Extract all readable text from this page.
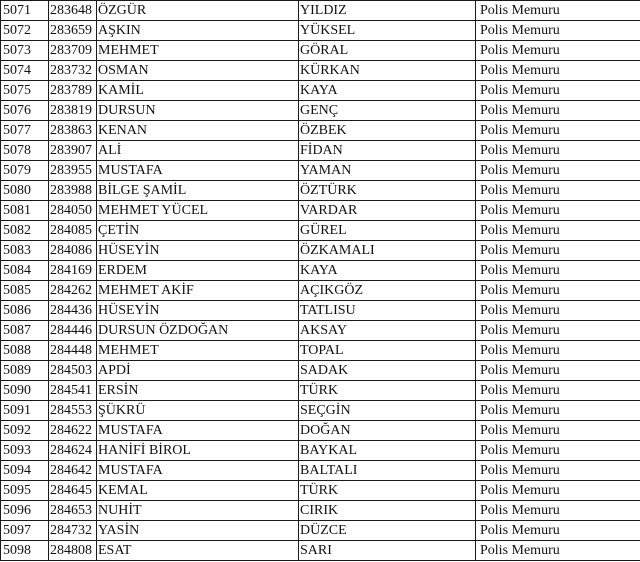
5071	283648	ÖZGÜR	YILDIZ	Polis Memuru
5072	283659	AŞKIN	YÜKSEL	Polis Memuru
5073	283709	MEHMET	GÖRAL	Polis Memuru
5074	283732	OSMAN	KÜRKAN	Polis Memuru
5075	283789	KAMİL	KAYA	Polis Memuru
5076	283819	DURSUN	GENÇ	Polis Memuru
5077	283863	KENAN	ÖZBEK	Polis Memuru
5078	283907	ALİ	FİDAN	Polis Memuru
5079	283955	MUSTAFA	YAMAN	Polis Memuru
5080	283988	BİLGE ŞAMİL	ÖZTÜRK	Polis Memuru
5081	284050	MEHMET YÜCEL	VARDAR	Polis Memuru
5082	284085	ÇETİN	GÜREL	Polis Memuru
5083	284086	HÜSEYİN	ÖZKAMALI	Polis Memuru
5084	284169	ERDEM	KAYA	Polis Memuru
5085	284262	MEHMET AKİF	AÇIKGÖZ	Polis Memuru
5086	284436	HÜSEYİN	TATLISU	Polis Memuru
5087	284446	DURSUN ÖZDOĞAN	AKSAY	Polis Memuru
5088	284448	MEHMET	TOPAL	Polis Memuru
5089	284503	APDİ	SADAK	Polis Memuru
5090	284541	ERSİN	TÜRK	Polis Memuru
5091	284553	ŞÜKRÜ	SEÇGİN	Polis Memuru
5092	284622	MUSTAFA	DOĞAN	Polis Memuru
5093	284624	HANİFİ BİROL	BAYKAL	Polis Memuru
5094	284642	MUSTAFA	BALTALI	Polis Memuru
5095	284645	KEMAL	TÜRK	Polis Memuru
5096	284653	NUHİT	CIRIK	Polis Memuru
5097	284732	YASİN	DÜZCE	Polis Memuru
5098	284808	ESAT	SARI	Polis Memuru
